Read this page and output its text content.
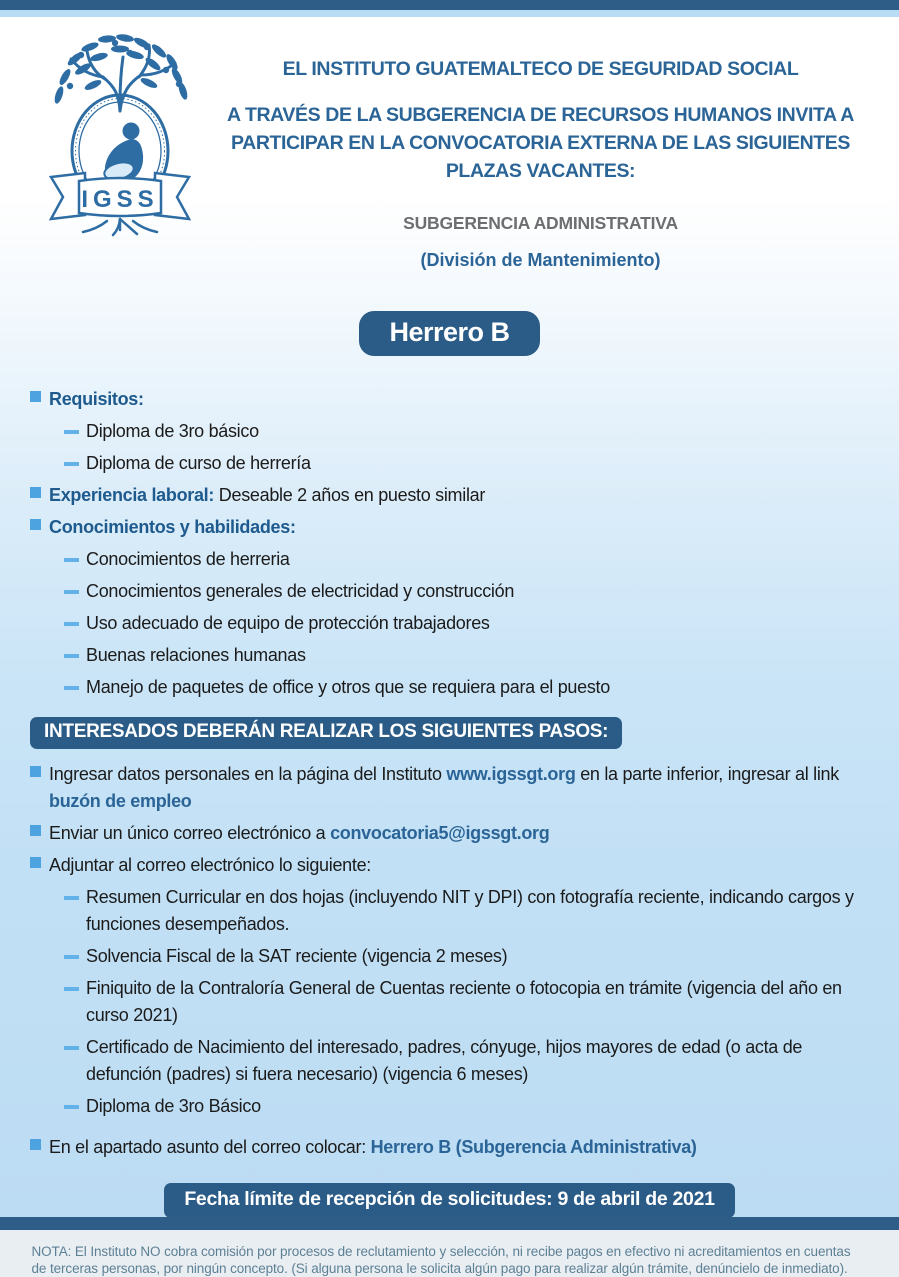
IGSS
EL INSTITUTO GUATEMALTECO DE SEGURIDAD SOCIAL
A TRAVÉS DE LA SUBGERENCIA DE RECURSOS HUMANOS INVITA A
PARTICIPAR EN LA CONVOCATORIA EXTERNA DE LAS SIGUIENTES PLAZAS VACANTES:
SUBGERENCIA ADMINISTRATIVA
(División de Mantenimiento)
Herrero B
Requisitos:
Diploma de 3ro básico
Diploma de curso de herrería
Experiencia laboral: Deseable 2 años en puesto similar
Conocimientos y habilidades:
Conocimientos de herreria
Conocimientos generales de electricidad y construcción
Uso adecuado de equipo de protección trabajadores
Buenas relaciones humanas
Manejo de paquetes de office y otros que se requiera para el puesto
INTERESADOS DEBERÁN REALIZAR LOS SIGUIENTES PASOS:
Ingresar datos personales en la página del Instituto www.igssgt.org en la parte inferior, ingresar al link buzón de empleo
Enviar un único correo electrónico a convocatoria5@igssgt.org
Adjuntar al correo electrónico lo siguiente:
Resumen Curricular en dos hojas (incluyendo NIT y DPI) con fotografía reciente, indicando cargos y funciones desempeñados.
Solvencia Fiscal de la SAT reciente (vigencia 2 meses)
Finiquito de la Contraloría General de Cuentas reciente o fotocopia en trámite (vigencia del año en curso 2021)
Certificado de Nacimiento del interesado, padres, cónyuge, hijos mayores de edad (o acta de defunción (padres) si fuera necesario) (vigencia 6 meses)
Diploma de 3ro Básico
En el apartado asunto del correo colocar: Herrero B (Subgerencia Administrativa)
Fecha límite de recepción de solicitudes: 9 de abril de 2021
NOTA: El Instituto NO cobra comisión por procesos de reclutamiento y selección, ni recibe pagos en efectivo ni acreditamientos en cuentas de terceras personas, por ningún concepto. (Si alguna persona le solicita algún pago para realizar algún trámite, denúncielo de inmediato).
